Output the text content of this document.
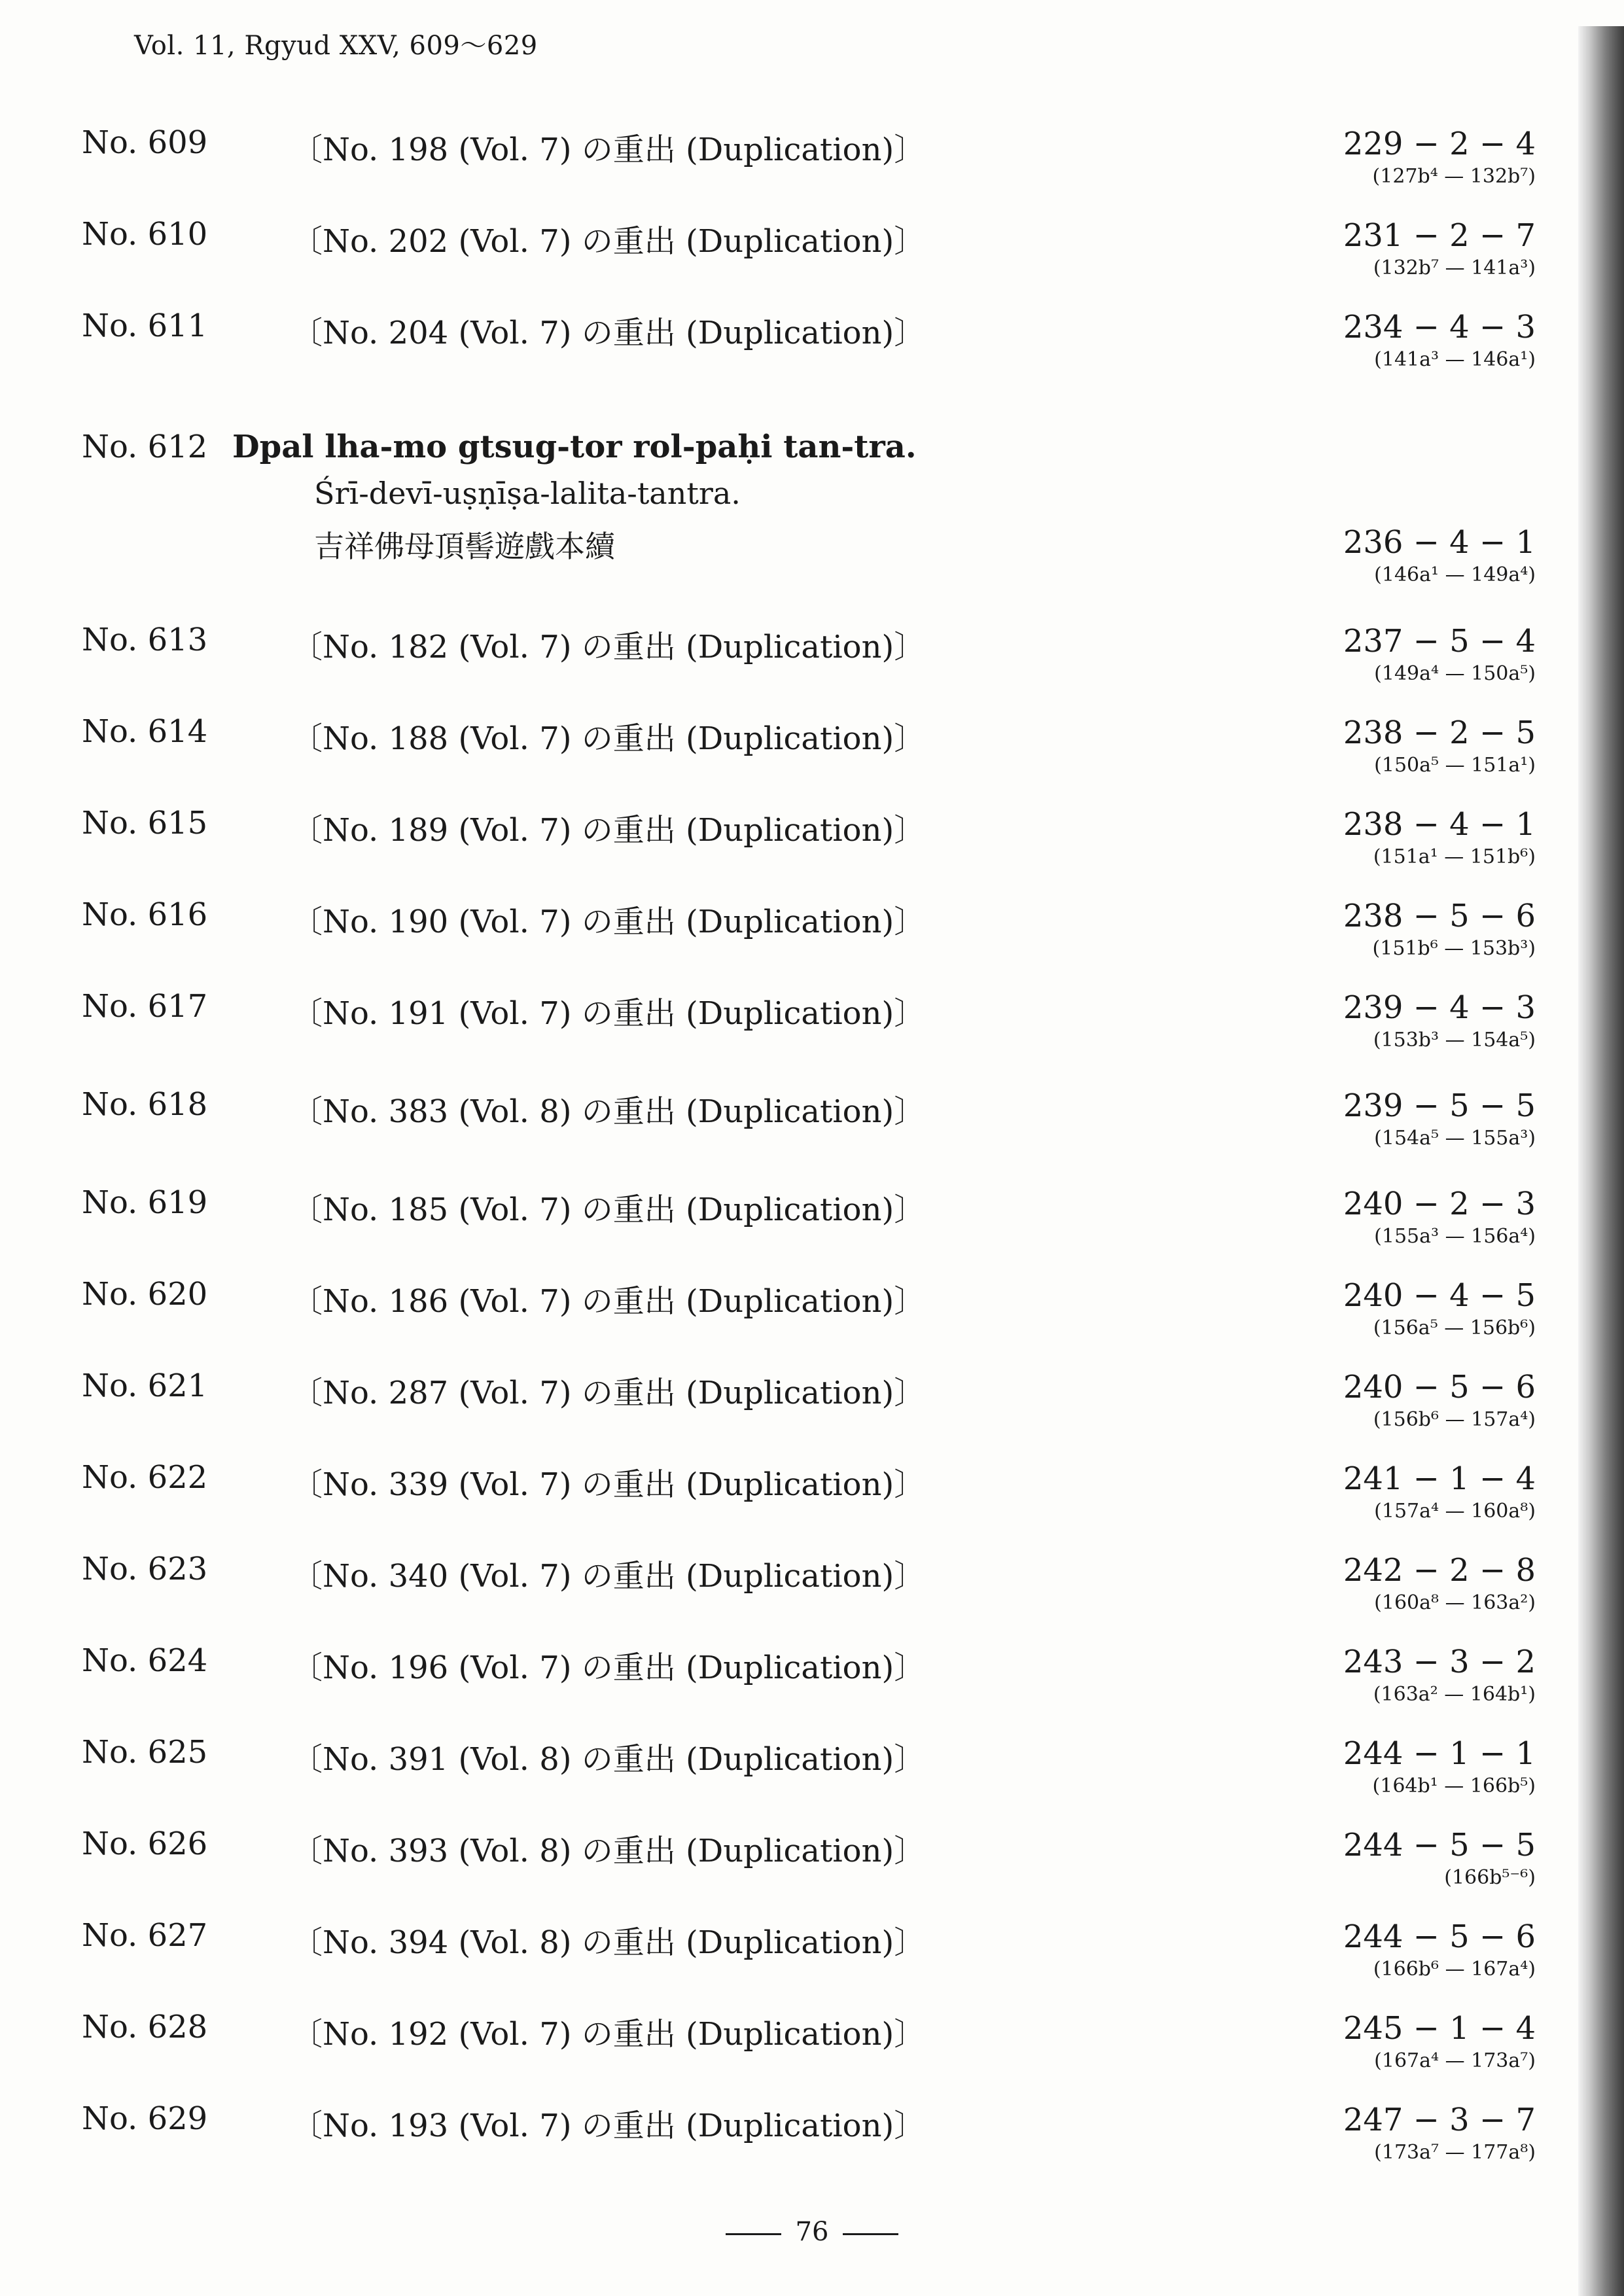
Vol. 11, Rgyud XXV, 609〜629
No. 609	〔No. 198 (Vol. 7) の重出 (Duplication)〕	229 − 2 − 4
(127b⁴ — 132b⁷)
No. 610	〔No. 202 (Vol. 7) の重出 (Duplication)〕	231 − 2 − 7
(132b⁷ — 141a³)
No. 611	〔No. 204 (Vol. 7) の重出 (Duplication)〕	234 − 4 − 3
(141a³ — 146a¹)
No. 612 Dpal lha-mo gtsug-tor rol-paḥi tan-tra.
Śrī-devī-uṣṇīṣa-lalita-tantra.
吉祥佛母頂髻遊戲本續	236 − 4 − 1
(146a¹ — 149a⁴)
No. 613	〔No. 182 (Vol. 7) の重出 (Duplication)〕	237 − 5 − 4
(149a⁴ — 150a⁵)
No. 614	〔No. 188 (Vol. 7) の重出 (Duplication)〕	238 − 2 − 5
(150a⁵ — 151a¹)
No. 615	〔No. 189 (Vol. 7) の重出 (Duplication)〕	238 − 4 − 1
(151a¹ — 151b⁶)
No. 616	〔No. 190 (Vol. 7) の重出 (Duplication)〕	238 − 5 − 6
(151b⁶ — 153b³)
No. 617	〔No. 191 (Vol. 7) の重出 (Duplication)〕	239 − 4 − 3
(153b³ — 154a⁵)
No. 618	〔No. 383 (Vol. 8) の重出 (Duplication)〕	239 − 5 − 5
(154a⁵ — 155a³)
No. 619	〔No. 185 (Vol. 7) の重出 (Duplication)〕	240 − 2 − 3
(155a³ — 156a⁴)
No. 620	〔No. 186 (Vol. 7) の重出 (Duplication)〕	240 − 4 − 5
(156a⁵ — 156b⁶)
No. 621	〔No. 287 (Vol. 7) の重出 (Duplication)〕	240 − 5 − 6
(156b⁶ — 157a⁴)
No. 622	〔No. 339 (Vol. 7) の重出 (Duplication)〕	241 − 1 − 4
(157a⁴ — 160a⁸)
No. 623	〔No. 340 (Vol. 7) の重出 (Duplication)〕	242 − 2 − 8
(160a⁸ — 163a²)
No. 624	〔No. 196 (Vol. 7) の重出 (Duplication)〕	243 − 3 − 2
(163a² — 164b¹)
No. 625	〔No. 391 (Vol. 8) の重出 (Duplication)〕	244 − 1 − 1
(164b¹ — 166b⁵)
No. 626	〔No. 393 (Vol. 8) の重出 (Duplication)〕	244 − 5 − 5
(166b⁵⁻⁶)
No. 627	〔No. 394 (Vol. 8) の重出 (Duplication)〕	244 − 5 − 6
(166b⁶ — 167a⁴)
No. 628	〔No. 192 (Vol. 7) の重出 (Duplication)〕	245 − 1 − 4
(167a⁴ — 173a⁷)
No. 629	〔No. 193 (Vol. 7) の重出 (Duplication)〕	247 − 3 − 7
(173a⁷ — 177a⁸)
76
